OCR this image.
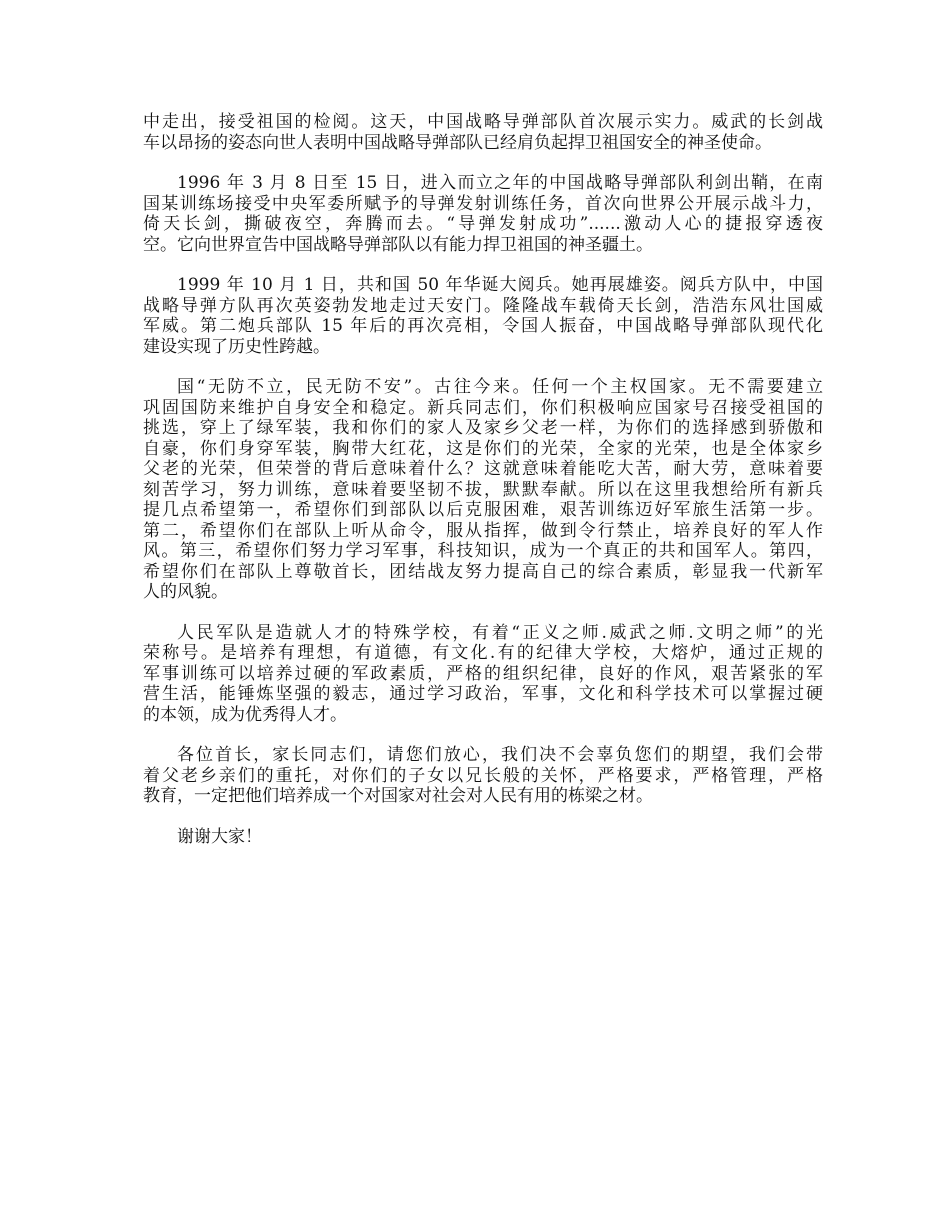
中走出，接受祖国的检阅。这天，中国战略导弹部队首次展示实力。威武的长剑战
车以昂扬的姿态向世人表明中国战略导弹部队已经肩负起捍卫祖国安全的神圣使命。
1996 年 3 月 8 日至 15 日，进入而立之年的中国战略导弹部队利剑出鞘，在南
国某训练场接受中央军委所赋予的导弹发射训练任务，首次向世界公开展示战斗力，
倚天长剑，撕破夜空，奔腾而去。“导弹发射成功”......激动人心的捷报穿透夜
空。它向世界宣告中国战略导弹部队以有能力捍卫祖国的神圣疆土。
1999 年 10 月 1 日，共和国 50 年华诞大阅兵。她再展雄姿。阅兵方队中，中国
战略导弹方队再次英姿勃发地走过天安门。隆隆战车载倚天长剑，浩浩东风壮国威
军威。第二炮兵部队 15 年后的再次亮相，令国人振奋，中国战略导弹部队现代化
建设实现了历史性跨越。
国“无防不立，民无防不安”。古往今来。任何一个主权国家。无不需要建立
巩固国防来维护自身安全和稳定。新兵同志们，你们积极响应国家号召接受祖国的
挑选，穿上了绿军装，我和你们的家人及家乡父老一样，为你们的选择感到骄傲和
自豪，你们身穿军装，胸带大红花，这是你们的光荣，全家的光荣，也是全体家乡
父老的光荣，但荣誉的背后意味着什么？这就意味着能吃大苦，耐大劳，意味着要
刻苦学习，努力训练，意味着要坚韧不拔，默默奉献。所以在这里我想给所有新兵
提几点希望第一，希望你们到部队以后克服困难，艰苦训练迈好军旅生活第一步。
第二，希望你们在部队上听从命令，服从指挥，做到令行禁止，培养良好的军人作
风。第三，希望你们努力学习军事，科技知识，成为一个真正的共和国军人。第四，
希望你们在部队上尊敬首长，团结战友努力提高自己的综合素质，彰显我一代新军
人的风貌。
人民军队是造就人才的特殊学校，有着“正义之师.威武之师.文明之师”的光
荣称号。是培养有理想，有道德，有文化.有的纪律大学校，大熔炉，通过正规的
军事训练可以培养过硬的军政素质，严格的组织纪律，良好的作风，艰苦紧张的军
营生活，能锤炼坚强的毅志，通过学习政治，军事，文化和科学技术可以掌握过硬
的本领，成为优秀得人才。
各位首长，家长同志们，请您们放心，我们决不会辜负您们的期望，我们会带
着父老乡亲们的重托，对你们的子女以兄长般的关怀，严格要求，严格管理，严格
教育，一定把他们培养成一个对国家对社会对人民有用的栋梁之材。
谢谢大家！
